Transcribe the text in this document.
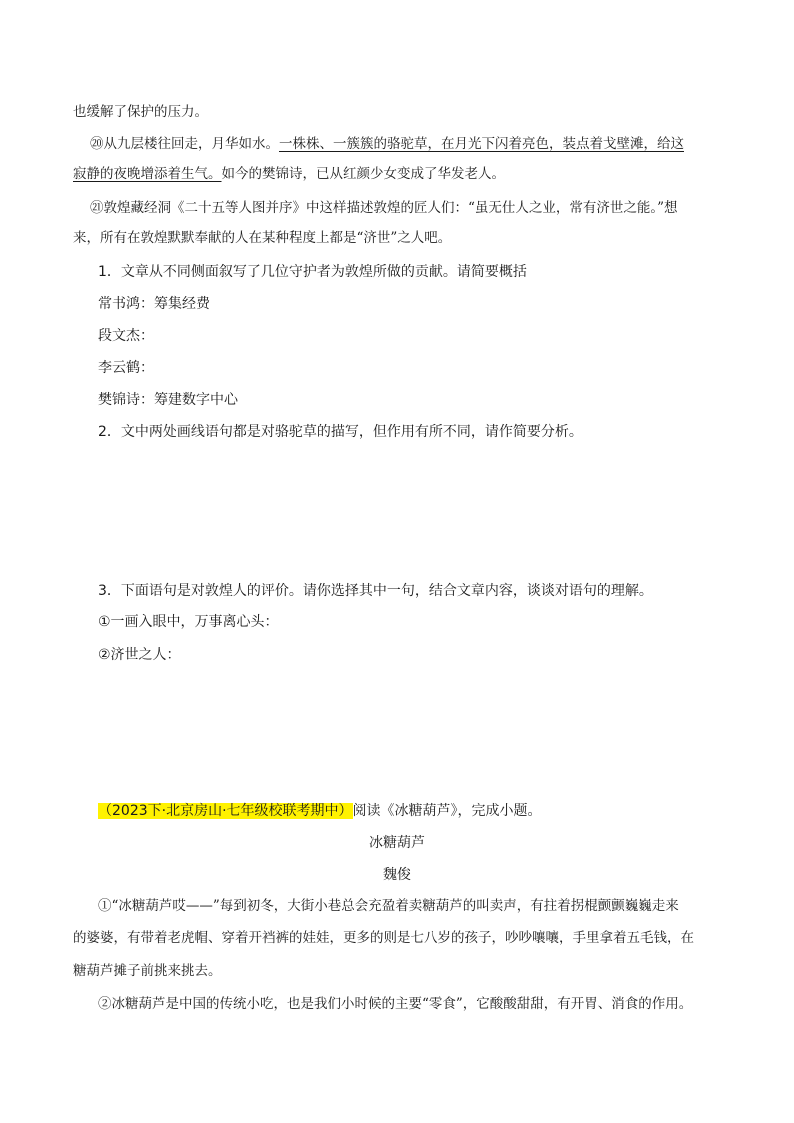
也缓解了保护的压力。
⑳从九层楼往回走，月华如水。一株株、一簇簇的骆驼草，在月光下闪着亮色，装点着戈壁滩，给这
寂静的夜晚增添着生气。如今的樊锦诗，已从红颜少女变成了华发老人。
㉑敦煌藏经洞《二十五等人图并序》中这样描述敦煌的匠人们：“虽无仕人之业，常有济世之能。”想
来，所有在敦煌默默奉献的人在某种程度上都是“济世”之人吧。
1．文章从不同侧面叙写了几位守护者为敦煌所做的贡献。请简要概括
常书鸿：筹集经费
段文杰：
李云鹤：
樊锦诗：筹建数字中心
2．文中两处画线语句都是对骆驼草的描写，但作用有所不同，请作简要分析。
3．下面语句是对敦煌人的评价。请你选择其中一句，结合文章内容，谈谈对语句的理解。
①一画入眼中，万事离心头：
②济世之人：
（2023下·北京房山·七年级校联考期中）阅读《冰糖葫芦》，完成小题。
冰糖葫芦
魏俊
①“冰糖葫芦哎——”每到初冬，大街小巷总会充盈着卖糖葫芦的叫卖声，有拄着拐棍颤颤巍巍走来
的婆婆，有带着老虎帽、穿着开裆裤的娃娃，更多的则是七八岁的孩子，吵吵嚷嚷，手里拿着五毛钱，在
糖葫芦摊子前挑来挑去。
②冰糖葫芦是中国的传统小吃，也是我们小时候的主要“零食”，它酸酸甜甜，有开胃、消食的作用。
